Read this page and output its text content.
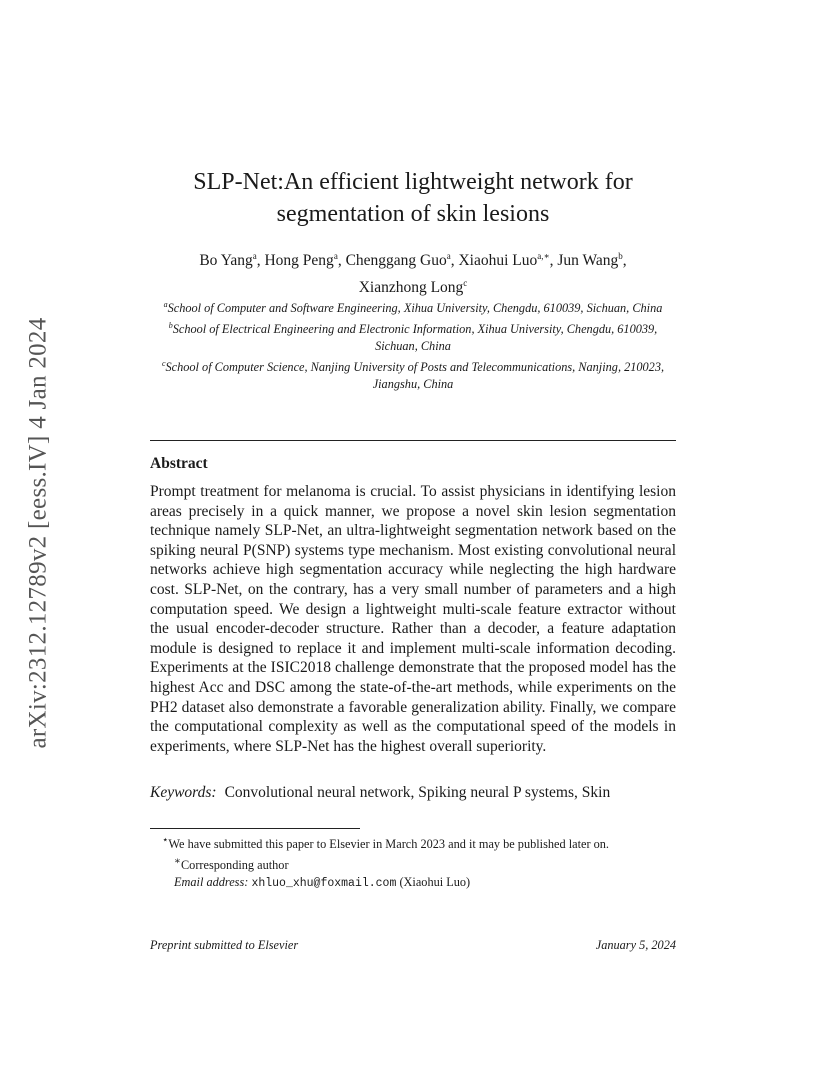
arXiv:2312.12789v2 [eess.IV] 4 Jan 2024
SLP-Net:An efficient lightweight network for
segmentation of skin lesions
Bo Yang$^a$, Hong Peng$^a$, Chenggang Guo$^a$, Xiaohui Luo$^{a,∗}$, Jun Wang$^b$,
Xianzhong Long$^c$
$^a$School of Computer and Software Engineering, Xihua University, Chengdu, 610039, Sichuan, China
$^b$School of Electrical Engineering and Electronic Information, Xihua University, Chengdu, 610039, Sichuan, China
$^c$School of Computer Science, Nanjing University of Posts and Telecommunications, Nanjing, 210023, Jiangshu, China
Abstract

Prompt treatment for melanoma is crucial. To assist physicians in identifying lesion areas precisely in a quick manner, we propose a novel skin lesion segmentation technique namely SLP-Net, an ultra-lightweight segmentation network based on the spiking neural P(SNP) systems type mechanism. Most existing convolutional neural networks achieve high segmentation accuracy while neglecting the high hardware cost. SLP-Net, on the contrary, has a very small number of parameters and a high computation speed. We design a lightweight multi-scale feature extractor without the usual encoder-decoder structure. Rather than a decoder, a feature adaptation module is designed to replace it and implement multi-scale information decoding. Experiments at the ISIC2018 challenge demonstrate that the proposed model has the highest Acc and DSC among the state-of-the-art methods, while experiments on the PH2 dataset also demonstrate a favorable generalization ability. Finally, we compare the computational complexity as well as the computational speed of the models in experiments, where SLP-Net has the highest overall superiority.

Keywords: Convolutional neural network, Spiking neural P systems, Skin
⋆We have submitted this paper to Elsevier in March 2023 and it may be published later on.
∗Corresponding author
Email address: xhluo_xhu@foxmail.com (Xiaohui Luo)
Preprint submitted to Elsevier	January 5, 2024
